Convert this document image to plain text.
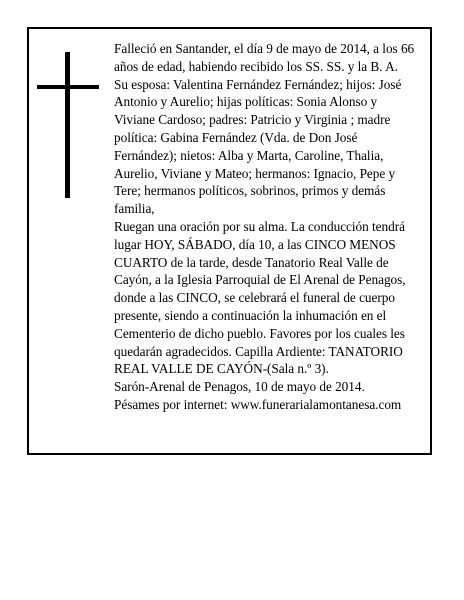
Falleció en Santander, el día 9 de mayo de 2014, a los 66 años de edad, habiendo recibido los SS. SS. y la B. A.

Su esposa: Valentina Fernández Fernández; hijos: José Antonio y Aurelio; hijas políticas: Sonia Alonso y Viviane Cardoso; padres: Patricio y Virginia ; madre política: Gabina Fernández (Vda. de Don José Fernández); nietos: Alba y Marta, Caroline, Thalia, Aurelio, Viviane y Mateo; hermanos: Ignacio, Pepe y Tere; hermanos políticos, sobrinos, primos y demás familia,

Ruegan una oración por su alma. La conducción tendrá lugar HOY, SÁBADO, día 10, a las CINCO MENOS CUARTO de la tarde, desde Tanatorio Real Valle de Cayón, a la Iglesia Parroquial de El Arenal de Penagos, donde a las CINCO, se celebrará el funeral de cuerpo presente, siendo a continuación la inhumación en el Cementerio de dicho pueblo. Favores por los cuales les quedarán agradecidos. Capilla Ardiente: TANATORIO REAL VALLE DE CAYÓN-(Sala n.º 3).

Sarón-Arenal de Penagos, 10 de mayo de 2014.

Pésames por internet: www.funerarialamontanesa.com
